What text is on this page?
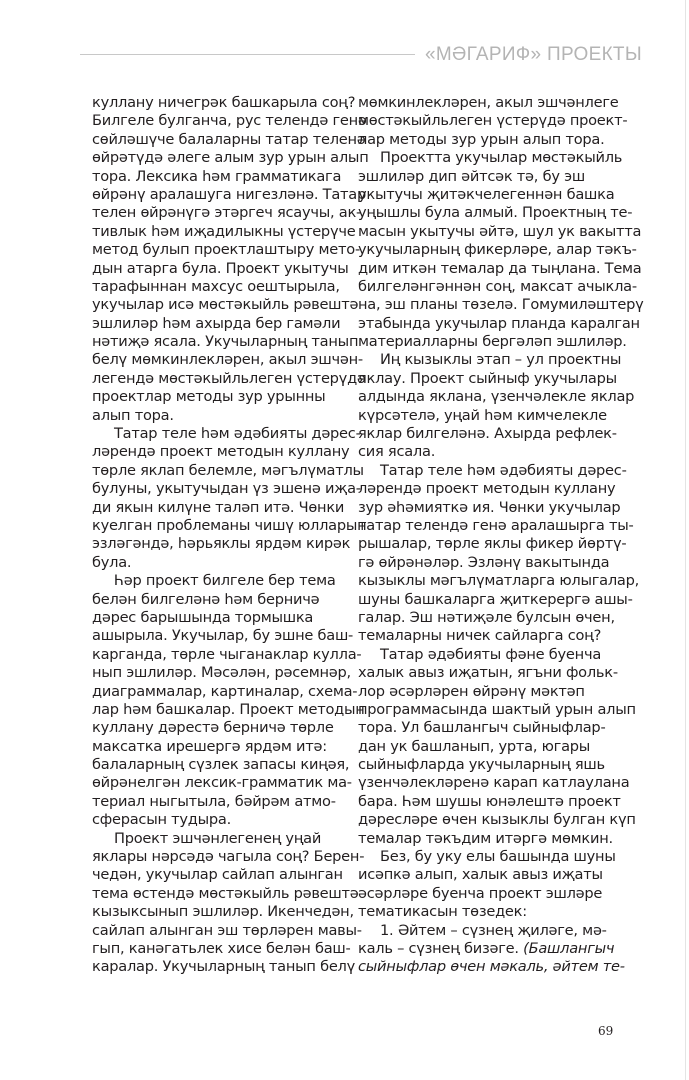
«МӘГАРИФ» ПРОЕКТЫ
куллану ничегрәк башкарыла соң?
Билгеле булганча, рус телендә генә
сөйләшүче балаларны татар теленә
өйрәтүдә әлеге алым зур урын алып
тора. Лексика һәм грамматикага
өйрәнү аралашуга нигезләнә. Татар
телен өйрәнүгә этәргеч ясаучы, ак-
тивлык һәм иҗадилыкны үстерүче
метод булып проектлаштыру мето-
дын атарга була. Проект укытучы
тарафыннан махсус оештырыла,
укучылар исә мөстәкыйль рәвештә
эшлиләр һәм ахырда бер гамәли
нәтиҗә ясала. Укучыларның танып
белү мөмкинлекләрен, акыл эшчән-
легендә мөстәкыйльлеген үстерүдә
проектлар методы зур урынны
алып тора.
Татар теле һәм әдәбияты дәрес-
ләрендә проект методын куллану
төрле яклап белемле, мәгълүматлы
булуны, укытучыдан үз эшенә иҗа-
ди якын килүне таләп итә. Чөнки
куелган проблеманы чишү юлларын
эзләгәндә, һәрьяклы ярдәм кирәк
була.
Һәр проект билгеле бер тема
белән билгеләнә һәм берничә
дәрес барышында тормышка
ашырыла. Укучылар, бу эшне баш-
карганда, төрле чыганаклар кулла-
нып эшлиләр. Мәсәлән, рәсемнәр,
диаграммалар, картиналар, схема-
лар һәм башкалар. Проект методын
куллану дәрестә берничә төрле
максатка ирешергә ярдәм итә:
балаларның сүзлек запасы киңәя,
өйрәнелгән лексик-грамматик ма-
териал ныгытыла, бәйрәм атмо-
сферасын тудыра.
Проект эшчәнлегенең уңай
яклары нәрсәдә чагыла соң? Берен-
чедән, укучылар сайлап алынган
тема өстендә мөстәкыйль рәвештә
кызыксынып эшлиләр. Икенчедән,
сайлап алынган эш төрләрен мавы-
гып, канәгатьлек хисе белән баш-
каралар. Укучыларның танып белү
мөмкинлекләрен, акыл эшчәнлеге
мөстәкыйльлеген үстерүдә проект-
лар методы зур урын алып тора.
Проектта укучылар мөстәкыйль
эшлиләр дип әйтсәк тә, бу эш
укытучы җитәкчелегеннән башка
уңышлы була алмый. Проектның те-
масын укытучы әйтә, шул ук вакытта
укучыларның фикерләре, алар тәкъ-
дим иткән темалар да тыңлана. Тема
билгеләнгәннән соң, максат ачыкла-
на, эш планы төзелә. Гомумиләштерү
этабында укучылар планда каралган
материалларны бергәләп эшлиләр.
Иң кызыклы этап – ул проектны
яклау. Проект сыйныф укучылары
алдында яклана, үзенчәлекле яклар
күрсәтелә, уңай һәм кимчелекле
яклар билгеләнә. Ахырда рефлек-
сия ясала.
Татар теле һәм әдәбияты дәрес-
ләрендә проект методын куллану
зур әһәмияткә ия. Чөнки укучылар
татар телендә генә аралашырга ты-
рышалар, төрле яклы фикер йөртү-
гә өйрәнәләр. Эзләнү вакытында
кызыклы мәгълүматларга юлыгалар,
шуны башкаларга җиткерергә ашы-
галар. Эш нәтиҗәле булсын өчен,
темаларны ничек сайларга соң?
Татар әдәбияты фәне буенча
халык авыз иҗатын, ягъни фольк-
лор әсәрләрен өйрәнү мәктәп
программасында шактый урын алып
тора. Ул башлангыч сыйныфлар-
дан ук башланып, урта, югары
сыйныфларда укучыларның яшь
үзенчәлекләренә карап катлаулана
бара. Һәм шушы юнәлештә проект
дәресләре өчен кызыклы булган күп
темалар тәкъдим итәргә мөмкин.
Без, бу уку елы башында шуны
исәпкә алып, халык авыз иҗаты
әсәрләре буенча проект эшләре
тематикасын төзедек:
1. Әйтем – сүзнең җиләге, мә-
каль – сүзнең бизәге. (Башлангыч
сыйныфлар өчен мәкаль, әйтем те-
69
